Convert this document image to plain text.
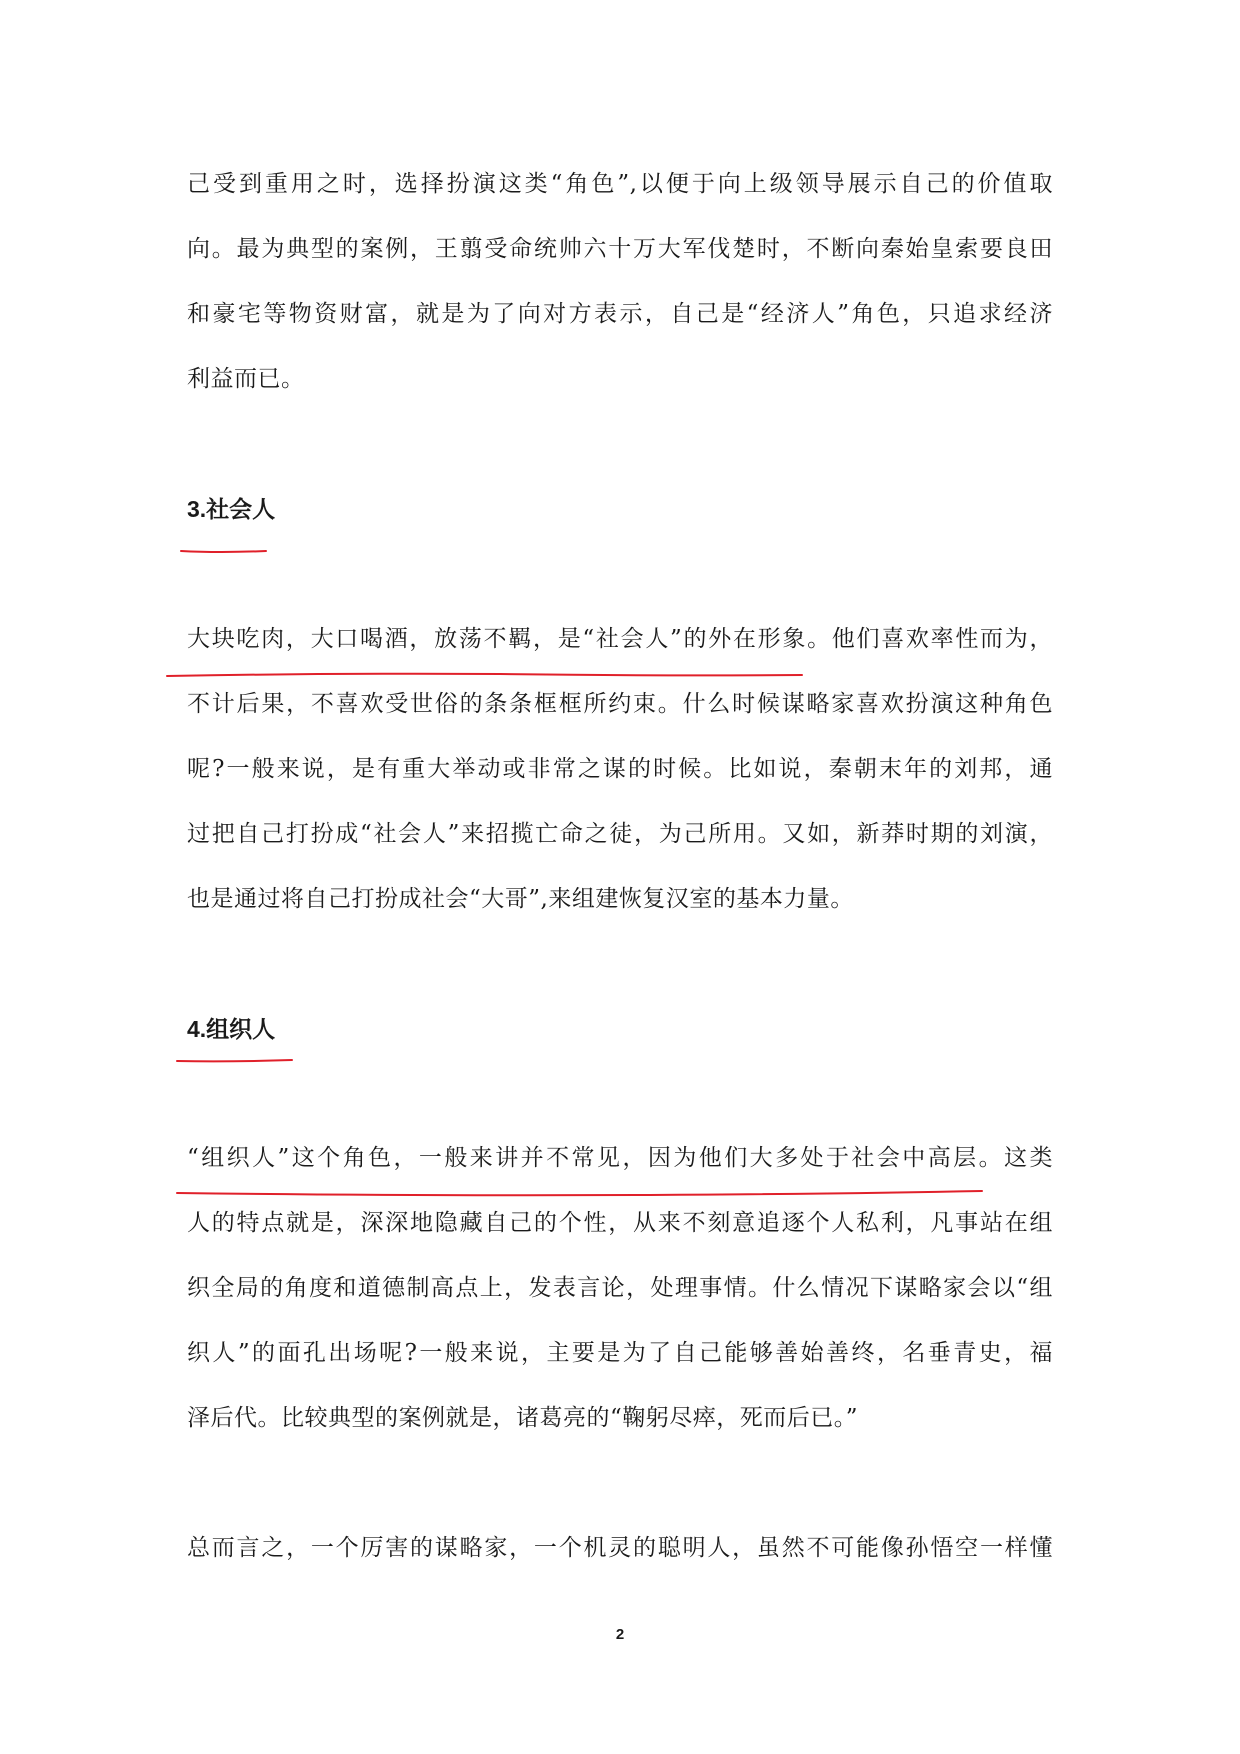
己受到重用之时，选择扮演这类“角色”,以便于向上级领导展示自己的价值取
向。最为典型的案例，王翦受命统帅六十万大军伐楚时，不断向秦始皇索要良田
和豪宅等物资财富，就是为了向对方表示，自己是“经济人”角色，只追求经济
利益而已。
3.社会人
大块吃肉，大口喝酒，放荡不羁，是“社会人”的外在形象。他们喜欢率性而为，
不计后果，不喜欢受世俗的条条框框所约束。什么时候谋略家喜欢扮演这种角色
呢?一般来说，是有重大举动或非常之谋的时候。比如说，秦朝末年的刘邦，通
过把自己打扮成“社会人”来招揽亡命之徒，为己所用。又如，新莽时期的刘演，
也是通过将自己打扮成社会“大哥”,来组建恢复汉室的基本力量。
4.组织人
“组织人”这个角色，一般来讲并不常见，因为他们大多处于社会中高层。这类
人的特点就是，深深地隐藏自己的个性，从来不刻意追逐个人私利，凡事站在组
织全局的角度和道德制高点上，发表言论，处理事情。什么情况下谋略家会以“组
织人”的面孔出场呢?一般来说，主要是为了自己能够善始善终，名垂青史，福
泽后代。比较典型的案例就是，诸葛亮的“鞠躬尽瘁，死而后已。”
总而言之，一个厉害的谋略家，一个机灵的聪明人，虽然不可能像孙悟空一样懂
2
